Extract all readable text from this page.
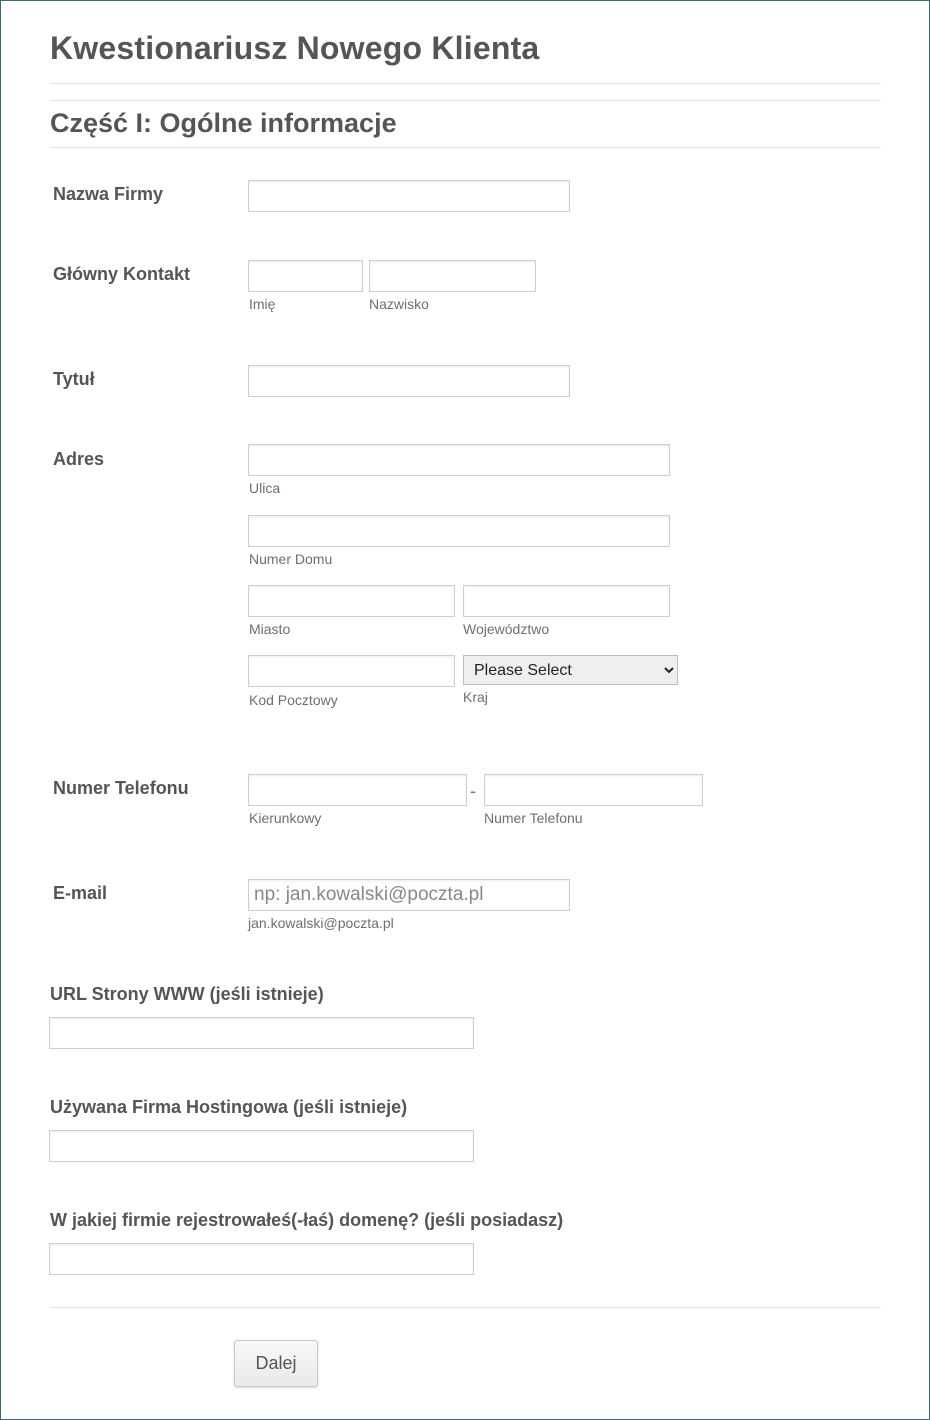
Kwestionariusz Nowego Klienta
Część I: Ogólne informacje
Nazwa Firmy
Główny Kontakt
Imię	Nazwisko
Tytuł
Adres
Ulica
Numer Domu
Miasto	Województwo
Please Select
Kod Pocztowy	Kraj
Numer Telefonu	-
Kierunkowy	Numer Telefonu
E-mail
np: jan.kowalski@poczta.pl
jan.kowalski@poczta.pl
URL Strony WWW (jeśli istnieje)
Używana Firma Hostingowa (jeśli istnieje)
W jakiej firmie rejestrowałeś(-łaś) domenę? (jeśli posiadasz)
Dalej
